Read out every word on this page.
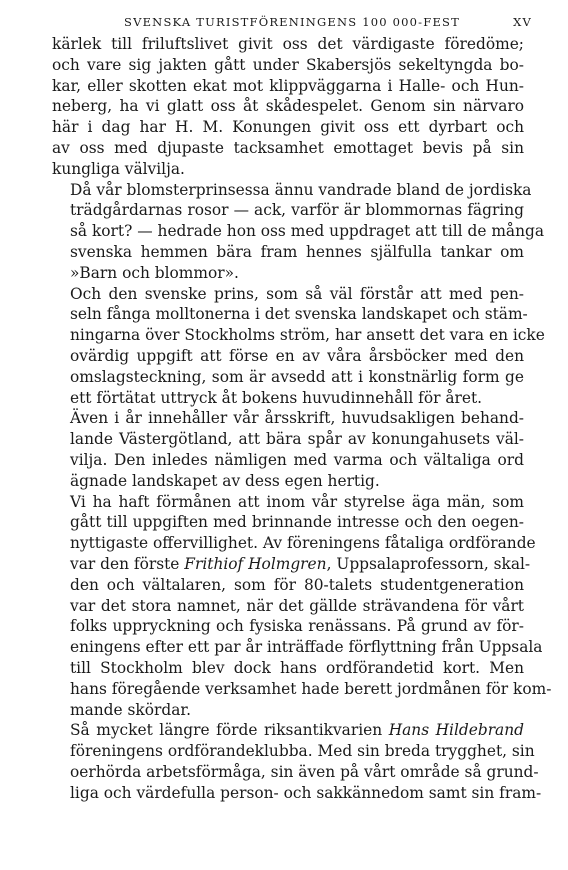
SVENSKA TURISTFÖRENINGENS 100 000-FEST	XV

kärlek till friluftslivet givit oss det värdigaste föredöme;
och vare sig jakten gått under Skabersjös sekeltyngda bo-
kar, eller skotten ekat mot klippväggarna i Halle- och Hun-
neberg, ha vi glatt oss åt skådespelet. Genom sin närvaro
här i dag har H. M. Konungen givit oss ett dyrbart och
av oss med djupaste tacksamhet emottaget bevis på sin
kungliga välvilja.

Då vår blomsterprinsessa ännu vandrade bland de jordiska
trädgårdarnas rosor — ack, varför är blommornas fägring
så kort? — hedrade hon oss med uppdraget att till de många
svenska hemmen bära fram hennes själfulla tankar om
»Barn och blommor».

Och den svenske prins, som så väl förstår att med pen-
seln fånga molltonerna i det svenska landskapet och stäm-
ningarna över Stockholms ström, har ansett det vara en icke
ovärdig uppgift att förse en av våra årsböcker med den
omslagsteckning, som är avsedd att i konstnärlig form ge
ett förtätat uttryck åt bokens huvudinnehåll för året.

Även i år innehåller vår årsskrift, huvudsakligen behand-
lande Västergötland, att bära spår av konungahusets väl-
vilja. Den inledes nämligen med varma och vältaliga ord
ägnade landskapet av dess egen hertig.

Vi ha haft förmånen att inom vår styrelse äga män, som
gått till uppgiften med brinnande intresse och den oegen-
nyttigaste offervillighet. Av föreningens fåtaliga ordförande
var den förste Frithiof Holmgren, Uppsalaprofessorn, skal-
den och vältalaren, som för 80-talets studentgeneration
var det stora namnet, när det gällde strävandena för vårt
folks uppryckning och fysiska renässans. På grund av för-
eningens efter ett par år inträffade förflyttning från Uppsala
till Stockholm blev dock hans ordförandetid kort. Men
hans föregående verksamhet hade berett jordmånen för kom-
mande skördar.

Så mycket längre förde riksantikvarien Hans Hildebrand
föreningens ordförandeklubba. Med sin breda trygghet, sin
oerhörda arbetsförmåga, sin även på vårt område så grund-
liga och värdefulla person- och sakkännedom samt sin fram-
